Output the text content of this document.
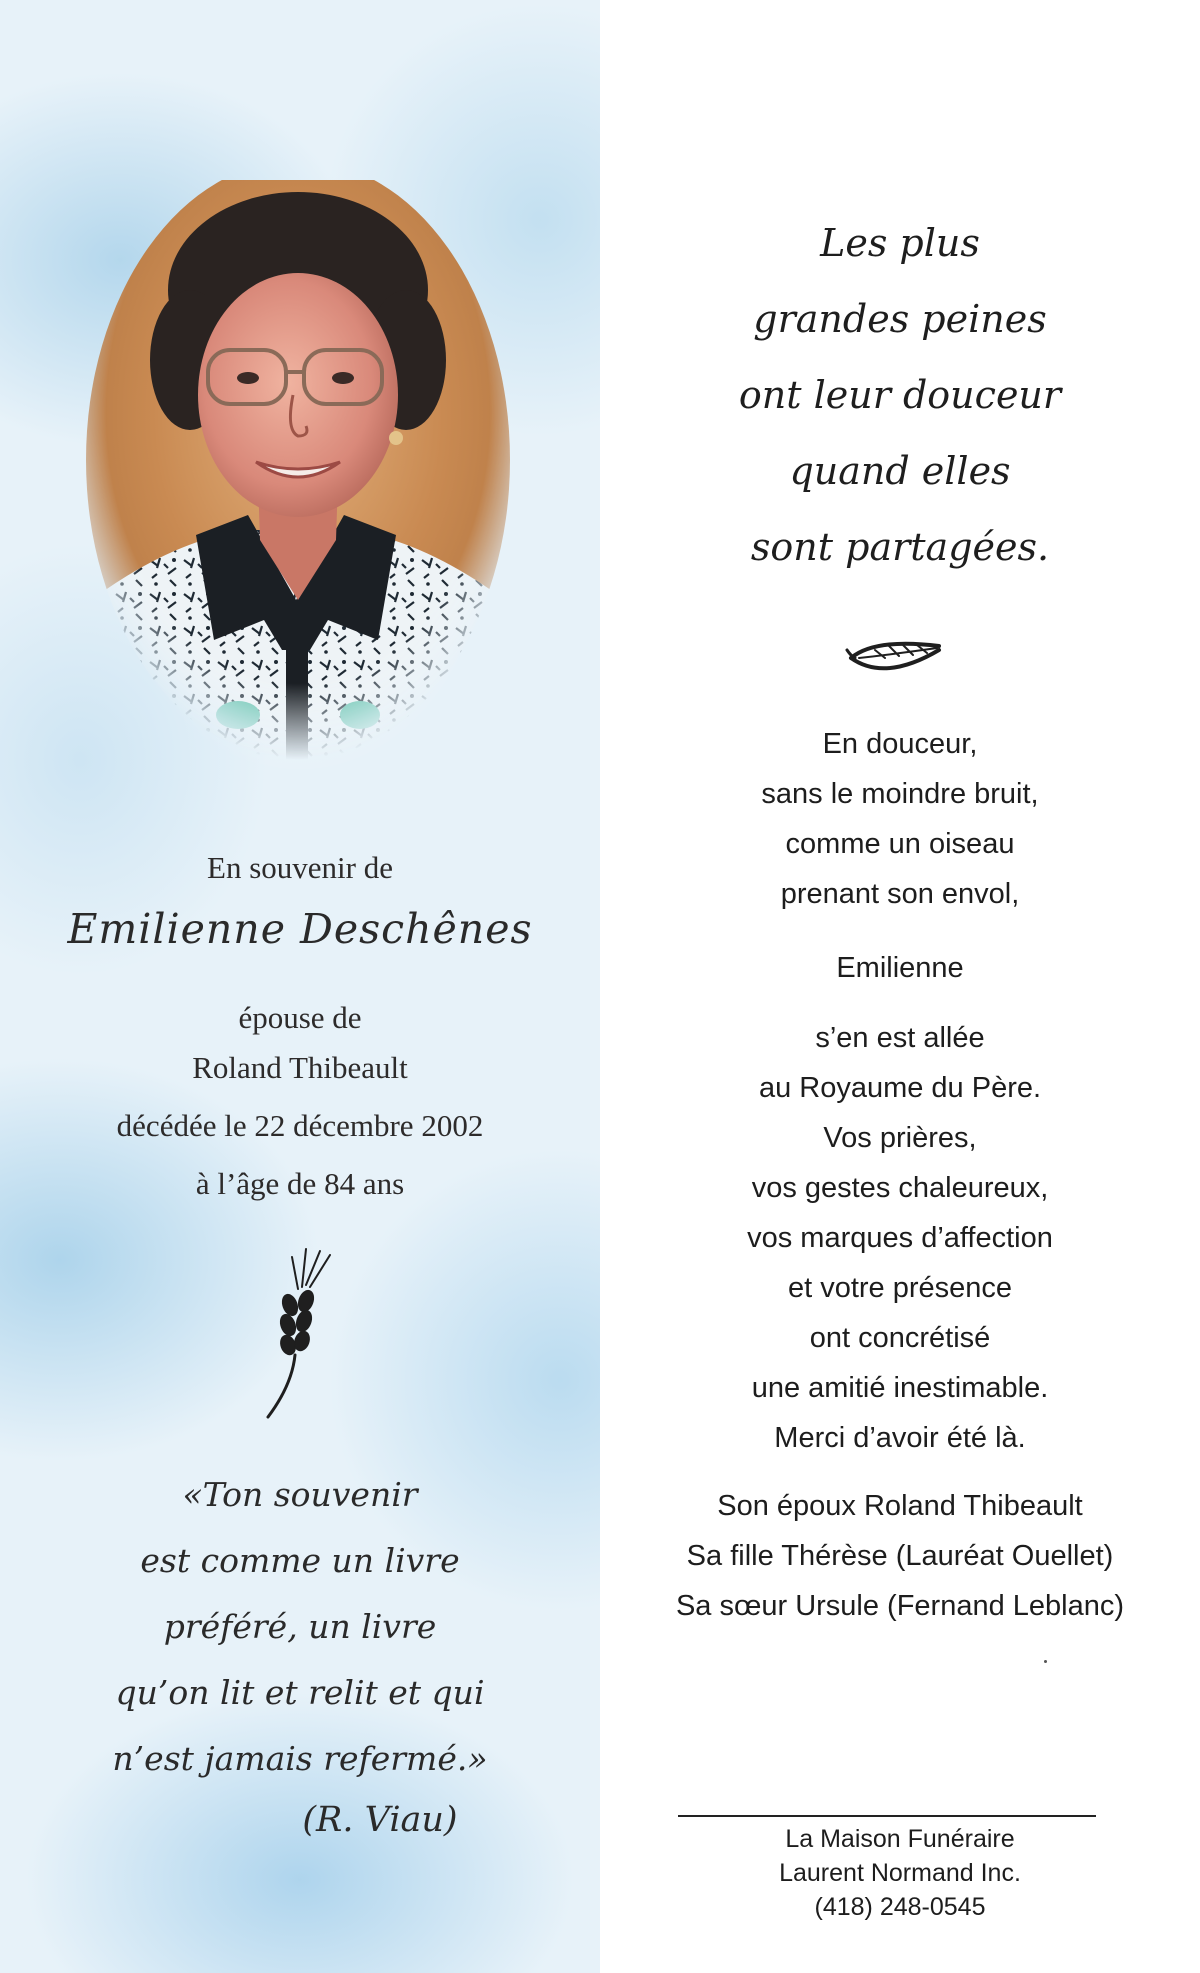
En souvenir de
Emilienne Deschênes
épouse de
Roland Thibeault
décédée le 22 décembre 2002
à l’âge de 84 ans
«Ton souvenir
est comme un livre
préféré, un livre
qu’on lit et relit et qui
n’est jamais refermé.»
(R. Viau)
Les plus
grandes peines
ont leur douceur
quand elles
sont partagées.
En douceur,
sans le moindre bruit,
comme un oiseau
prenant son envol,
Emilienne
s’en est allée
au Royaume du Père.
Vos prières,
vos gestes chaleureux,
vos marques d’affection
et votre présence
ont concrétisé
une amitié inestimable.
Merci d’avoir été là.
Son époux Roland Thibeault
Sa fille Thérèse (Lauréat Ouellet)
Sa sœur Ursule (Fernand Leblanc)
La Maison Funéraire
Laurent Normand Inc.
(418) 248-0545
